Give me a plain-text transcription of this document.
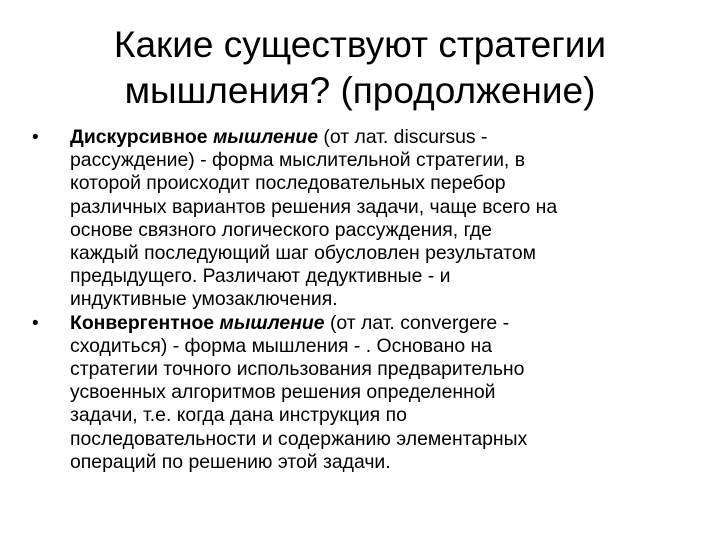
Какие существуют стратегии
мышления? (продолжение)
• Дискурсивное мышление (от лат. discursus -
рассуждение) - форма мыслительной стратегии, в
которой происходит последовательных перебор
различных вариантов решения задачи, чаще всего на
основе связного логического рассуждения, где
каждый последующий шаг обусловлен результатом
предыдущего. Различают дедуктивные - и
индуктивные умозаключения.
• Конвергентное мышление (от лат. convergere -
сходиться) - форма мышления - . Основано на
стратегии точного использования предварительно
усвоенных алгоритмов решения определенной
задачи, т.е. когда дана инструкция по
последовательности и содержанию элементарных
операций по решению этой задачи.
